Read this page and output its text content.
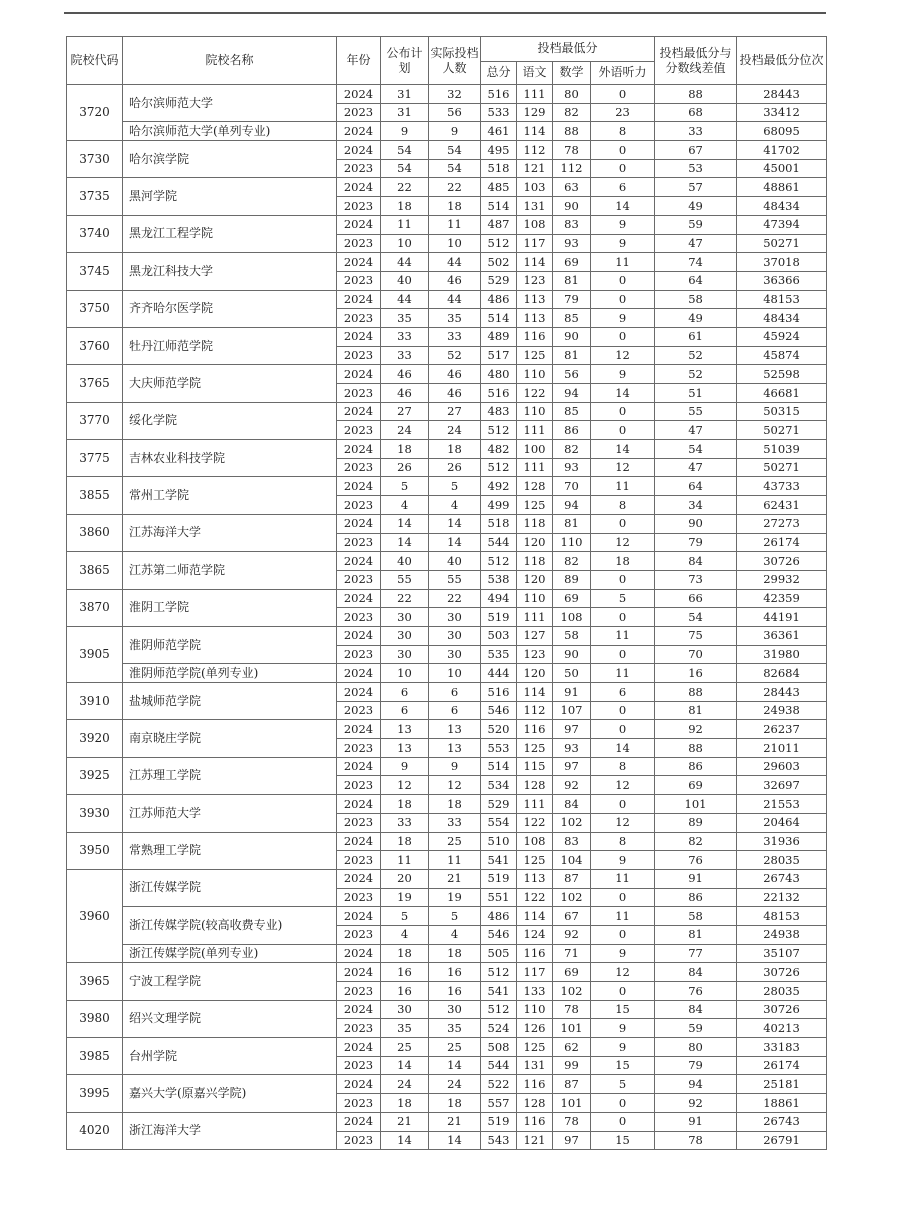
院校代码	院校名称	年份	公布计划	实际投档人数	投档最低分				投档最低分与分数线差值	投档最低分位次
					总分	语文	数学	外语听力		
3720	哈尔滨师范大学	2024	31	32	516	111	80	0	88	28443
		2023	31	56	533	129	82	23	68	33412
	哈尔滨师范大学(单列专业)	2024	9	9	461	114	88	8	33	68095
3730	哈尔滨学院	2024	54	54	495	112	78	0	67	41702
		2023	54	54	518	121	112	0	53	45001
3735	黑河学院	2024	22	22	485	103	63	6	57	48861
		2023	18	18	514	131	90	14	49	48434
3740	黑龙江工程学院	2024	11	11	487	108	83	9	59	47394
		2023	10	10	512	117	93	9	47	50271
3745	黑龙江科技大学	2024	44	44	502	114	69	11	74	37018
		2023	40	46	529	123	81	0	64	36366
3750	齐齐哈尔医学院	2024	44	44	486	113	79	0	58	48153
		2023	35	35	514	113	85	9	49	48434
3760	牡丹江师范学院	2024	33	33	489	116	90	0	61	45924
		2023	33	52	517	125	81	12	52	45874
3765	大庆师范学院	2024	46	46	480	110	56	9	52	52598
		2023	46	46	516	122	94	14	51	46681
3770	绥化学院	2024	27	27	483	110	85	0	55	50315
		2023	24	24	512	111	86	0	47	50271
3775	吉林农业科技学院	2024	18	18	482	100	82	14	54	51039
		2023	26	26	512	111	93	12	47	50271
3855	常州工学院	2024	5	5	492	128	70	11	64	43733
		2023	4	4	499	125	94	8	34	62431
3860	江苏海洋大学	2024	14	14	518	118	81	0	90	27273
		2023	14	14	544	120	110	12	79	26174
3865	江苏第二师范学院	2024	40	40	512	118	82	18	84	30726
		2023	55	55	538	120	89	0	73	29932
3870	淮阴工学院	2024	22	22	494	110	69	5	66	42359
		2023	30	30	519	111	108	0	54	44191
3905	淮阴师范学院	2024	30	30	503	127	58	11	75	36361
		2023	30	30	535	123	90	0	70	31980
	淮阴师范学院(单列专业)	2024	10	10	444	120	50	11	16	82684
3910	盐城师范学院	2024	6	6	516	114	91	6	88	28443
		2023	6	6	546	112	107	0	81	24938
3920	南京晓庄学院	2024	13	13	520	116	97	0	92	26237
		2023	13	13	553	125	93	14	88	21011
3925	江苏理工学院	2024	9	9	514	115	97	8	86	29603
		2023	12	12	534	128	92	12	69	32697
3930	江苏师范大学	2024	18	18	529	111	84	0	101	21553
		2023	33	33	554	122	102	12	89	20464
3950	常熟理工学院	2024	18	25	510	108	83	8	82	31936
		2023	11	11	541	125	104	9	76	28035
3960	浙江传媒学院	2024	20	21	519	113	87	11	91	26743
		2023	19	19	551	122	102	0	86	22132
	浙江传媒学院(较高收费专业)	2024	5	5	486	114	67	11	58	48153
		2023	4	4	546	124	92	0	81	24938
	浙江传媒学院(单列专业)	2024	18	18	505	116	71	9	77	35107
3965	宁波工程学院	2024	16	16	512	117	69	12	84	30726
		2023	16	16	541	133	102	0	76	28035
3980	绍兴文理学院	2024	30	30	512	110	78	15	84	30726
		2023	35	35	524	126	101	9	59	40213
3985	台州学院	2024	25	25	508	125	62	9	80	33183
		2023	14	14	544	131	99	15	79	26174
3995	嘉兴大学(原嘉兴学院)	2024	24	24	522	116	87	5	94	25181
		2023	18	18	557	128	101	0	92	18861
4020	浙江海洋大学	2024	21	21	519	116	78	0	91	26743
		2023	14	14	543	121	97	15	78	26791
